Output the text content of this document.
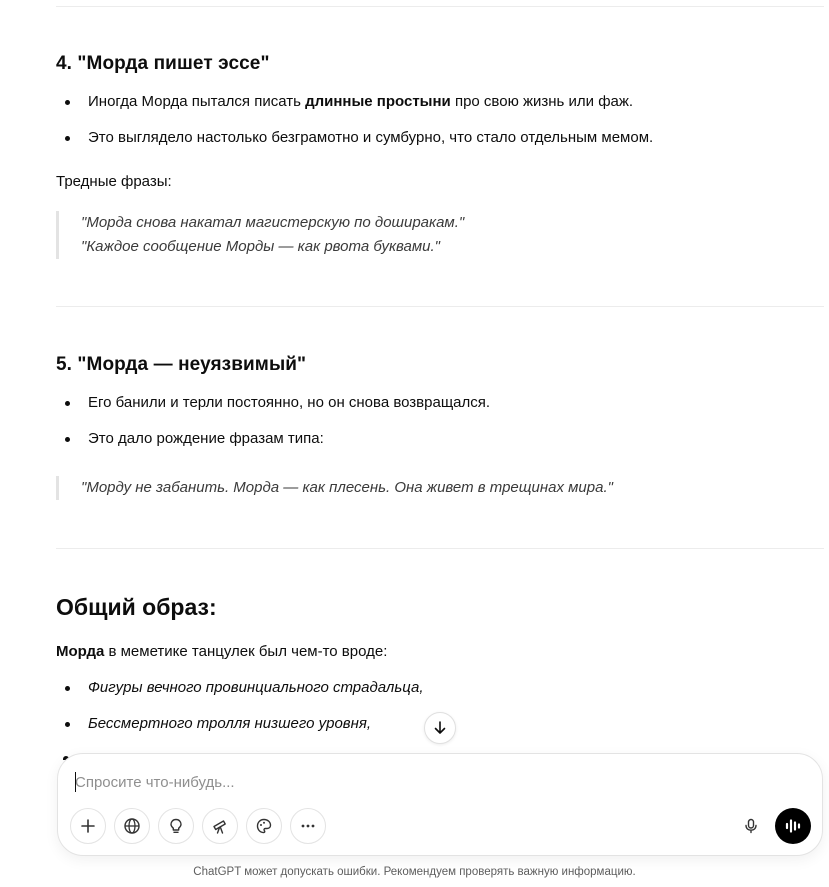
4. "Морда пишет эссе"
Иногда Морда пытался писать длинные простыни про свою жизнь или фаж.
Это выглядело настолько безграмотно и сумбурно, что стало отдельным мемом.
Тредные фразы:
"Морда снова накатал магистерскую по доширакам."
"Каждое сообщение Морды — как рвота буквами."
5. "Морда — неуязвимый"
Его банили и терли постоянно, но он снова возвращался.
Это дало рождение фразам типа:
"Морду не забанить. Морда — как плесень. Она живет в трещинах мира."
Общий образ:
Морда в меметике танцулек был чем-то вроде:
Фигуры вечного провинциального страдальца,
Бессмертного тролля низшего уровня,
Спросите что-нибудь...
ChatGPT может допускать ошибки. Рекомендуем проверять важную информацию.
